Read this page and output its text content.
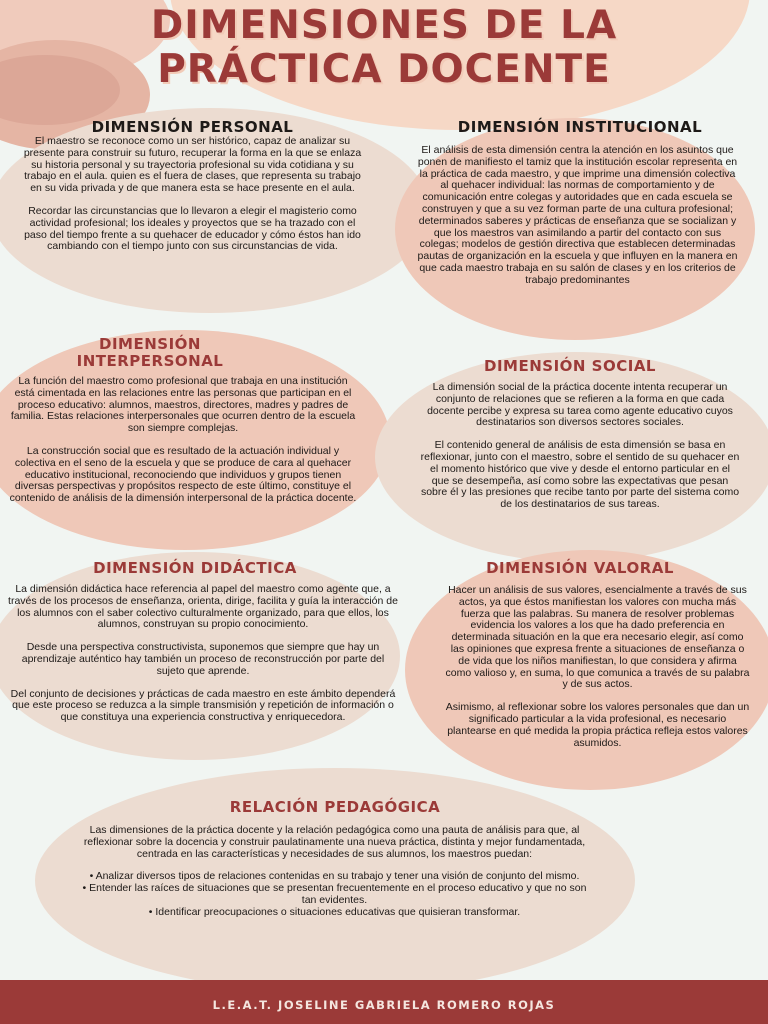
DIMENSIONES DE LA
PRÁCTICA DOCENTE
DIMENSIÓN PERSONAL

El maestro se reconoce como un ser histórico, capaz de analizar su presente para construir su futuro, recuperar la forma en la que se enlaza su historia personal y su trayectoria profesional su vida cotidiana y su trabajo en el aula. quien es el fuera de clases, que representa su trabajo en su vida privada y de que manera esta se hace presente en el aula.

Recordar las circunstancias que lo llevaron a elegir el magisterio como actividad profesional; los ideales y proyectos que se ha trazado con el paso del tiempo frente a su quehacer de educador y cómo éstos han ido cambiando con el tiempo junto con sus circunstancias de vida.

DIMENSIÓN INSTITUCIONAL

El análisis de esta dimensión centra la atención en los asuntos que ponen de manifiesto el tamiz que la institución escolar representa en la práctica de cada maestro, y que imprime una dimensión colectiva al quehacer individual: las normas de comportamiento y de comunicación entre colegas y autoridades que en cada escuela se construyen y que a su vez forman parte de una cultura profesional; determinados saberes y prácticas de enseñanza que se socializan y que los maestros van asimilando a partir del contacto con sus colegas; modelos de gestión directiva que establecen determinadas pautas de organización en la escuela y que influyen en la manera en que cada maestro trabaja en su salón de clases y en los criterios de trabajo predominantes

DIMENSIÓN
INTERPERSONAL

La función del maestro como profesional que trabaja en una institución está cimentada en las relaciones entre las personas que participan en el proceso educativo: alumnos, maestros, directores, madres y padres de familia. Estas relaciones interpersonales que ocurren dentro de la escuela son siempre complejas.

La construcción social que es resultado de la actuación individual y colectiva en el seno de la escuela y que se produce de cara al quehacer educativo institucional, reconociendo que individuos y grupos tienen diversas perspectivas y propósitos respecto de este último, constituye el contenido de análisis de la dimensión interpersonal de la práctica docente.

DIMENSIÓN SOCIAL

La dimensión social de la práctica docente intenta recuperar un conjunto de relaciones que se refieren a la forma en que cada docente percibe y expresa su tarea como agente educativo cuyos destinatarios son diversos sectores sociales.

El contenido general de análisis de esta dimensión se basa en reflexionar, junto con el maestro, sobre el sentido de su quehacer en el momento histórico que vive y desde el entorno particular en el que se desempeña, así como sobre las expectativas que pesan sobre él y las presiones que recibe tanto por parte del sistema como de los destinatarios de sus tareas.

DIMENSIÓN DIDÁCTICA

La dimensión didáctica hace referencia al papel del maestro como agente que, a través de los procesos de enseñanza, orienta, dirige, facilita y guía la interacción de los alumnos con el saber colectivo culturalmente organizado, para que ellos, los alumnos, construyan su propio conocimiento.

Desde una perspectiva constructivista, suponemos que siempre que hay un aprendizaje auténtico hay también un proceso de reconstrucción por parte del sujeto que aprende.

Del conjunto de decisiones y prácticas de cada maestro en este ámbito dependerá que este proceso se reduzca a la simple transmisión y repetición de información o que constituya una experiencia constructiva y enriquecedora.

DIMENSIÓN VALORAL

Hacer un análisis de sus valores, esencialmente a través de sus actos, ya que éstos manifiestan los valores con mucha más fuerza que las palabras. Su manera de resolver problemas evidencia los valores a los que ha dado preferencia en determinada situación en la que era necesario elegir, así como las opiniones que expresa frente a situaciones de enseñanza o de vida que los niños manifiestan, lo que considera y afirma como valioso y, en suma, lo que comunica a través de su palabra y de sus actos.

Asimismo, al reflexionar sobre los valores personales que dan un significado particular a la vida profesional, es necesario plantearse en qué medida la propia práctica refleja estos valores asumidos.

RELACIÓN PEDAGÓGICA

Las dimensiones de la práctica docente y la relación pedagógica como una pauta de análisis para que, al reflexionar sobre la docencia y construir paulatinamente una nueva práctica, distinta y mejor fundamentada, centrada en las características y necesidades de sus alumnos, los maestros puedan:

• Analizar diversos tipos de relaciones contenidas en su trabajo y tener una visión de conjunto del mismo.
• Entender las raíces de situaciones que se presentan frecuentemente en el proceso educativo y que no son tan evidentes.
• Identificar preocupaciones o situaciones educativas que quisieran transformar.
L.E.A.T. JOSELINE GABRIELA ROMERO ROJAS
